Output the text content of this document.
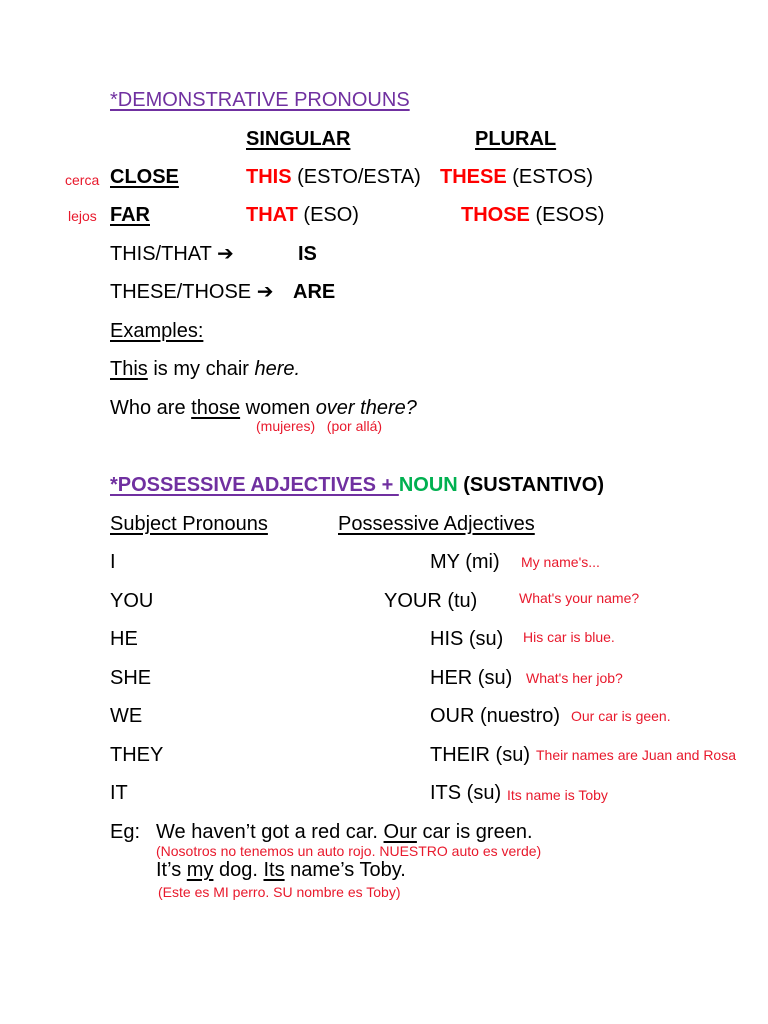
*DEMONSTRATIVE PRONOUNS
SINGULAR	PLURAL
cerca CLOSE	THIS (ESTO/ESTA) THESE (ESTOS)
lejos FAR	THAT (ESO)	THOSE (ESOS)
THIS/THAT ➔	IS
THESE/THOSE ➔ ARE
Examples:
This is my chair here.
Who are those women over there?
(mujeres)   (por allá)
*POSSESSIVE ADJECTIVES + NOUN (SUSTANTIVO)
Subject Pronouns	Possessive Adjectives
I	MY (mi) My name's...
YOU	YOUR (tu)	What's your name?
HE	HIS (su) His car is blue.
SHE	HER (su) What's her job?
WE	OUR (nuestro) Our car is geen.
THEY	THEIR (su) Their names are Juan and Rosa
IT	ITS (su) Its name is Toby
Eg: We haven’t got a red car. Our car is green.
(Nosotros no tenemos un auto rojo. NUESTRO auto es verde)
It’s my dog. Its name’s Toby.
(Este es MI perro. SU nombre es Toby)
